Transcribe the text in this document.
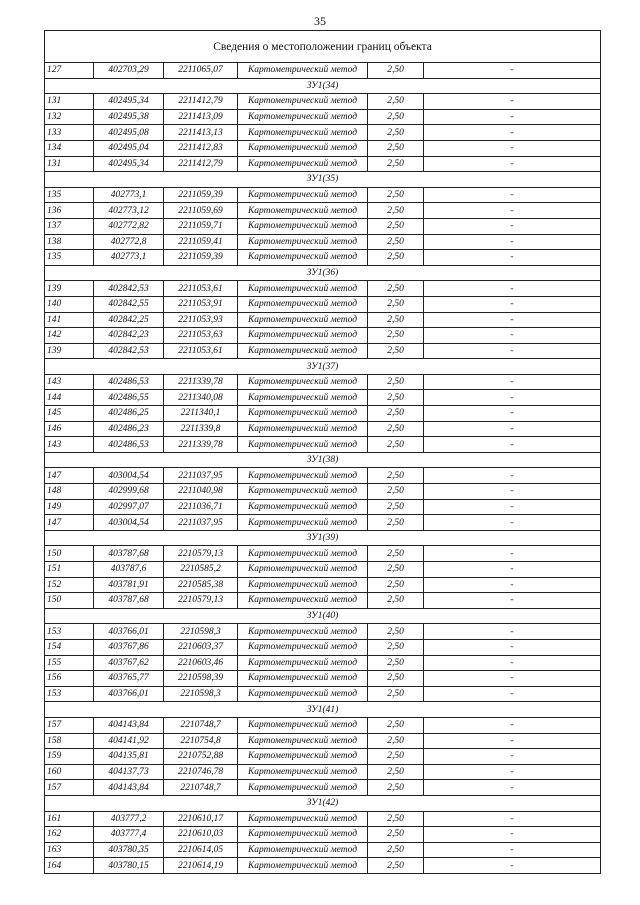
35
Сведения о местоположении границ объекта					
127	402703,29	2211065,07	Картометрический метод	2,50	-
ЗУ1(34)					
131	402495,34	2211412,79	Картометрический метод	2,50	-
132	402495,38	2211413,09	Картометрический метод	2,50	-
133	402495,08	2211413,13	Картометрический метод	2,50	-
134	402495,04	2211412,83	Картометрический метод	2,50	-
131	402495,34	2211412,79	Картометрический метод	2,50	-
ЗУ1(35)					
135	402773,1	2211059,39	Картометрический метод	2,50	-
136	402773,12	2211059,69	Картометрический метод	2,50	-
137	402772,82	2211059,71	Картометрический метод	2,50	-
138	402772,8	2211059,41	Картометрический метод	2,50	-
135	402773,1	2211059,39	Картометрический метод	2,50	-
ЗУ1(36)					
139	402842,53	2211053,61	Картометрический метод	2,50	-
140	402842,55	2211053,91	Картометрический метод	2,50	-
141	402842,25	2211053,93	Картометрический метод	2,50	-
142	402842,23	2211053,63	Картометрический метод	2,50	-
139	402842,53	2211053,61	Картометрический метод	2,50	-
ЗУ1(37)					
143	402486,53	2211339,78	Картометрический метод	2,50	-
144	402486,55	2211340,08	Картометрический метод	2,50	-
145	402486,25	2211340,1	Картометрический метод	2,50	-
146	402486,23	2211339,8	Картометрический метод	2,50	-
143	402486,53	2211339,78	Картометрический метод	2,50	-
ЗУ1(38)					
147	403004,54	2211037,95	Картометрический метод	2,50	-
148	402999,68	2211040,98	Картометрический метод	2,50	-
149	402997,07	2211036,71	Картометрический метод	2,50	-
147	403004,54	2211037,95	Картометрический метод	2,50	-
ЗУ1(39)					
150	403787,68	2210579,13	Картометрический метод	2,50	-
151	403787,6	2210585,2	Картометрический метод	2,50	-
152	403781,91	2210585,38	Картометрический метод	2,50	-
150	403787,68	2210579,13	Картометрический метод	2,50	-
ЗУ1(40)					
153	403766,01	2210598,3	Картометрический метод	2,50	-
154	403767,86	2210603,37	Картометрический метод	2,50	-
155	403767,62	2210603,46	Картометрический метод	2,50	-
156	403765,77	2210598,39	Картометрический метод	2,50	-
153	403766,01	2210598,3	Картометрический метод	2,50	-
ЗУ1(41)					
157	404143,84	2210748,7	Картометрический метод	2,50	-
158	404141,92	2210754,8	Картометрический метод	2,50	-
159	404135,81	2210752,88	Картометрический метод	2,50	-
160	404137,73	2210746,78	Картометрический метод	2,50	-
157	404143,84	2210748,7	Картометрический метод	2,50	-
ЗУ1(42)					
161	403777,2	2210610,17	Картометрический метод	2,50	-
162	403777,4	2210610,03	Картометрический метод	2,50	-
163	403780,35	2210614,05	Картометрический метод	2,50	-
164	403780,15	2210614,19	Картометрический метод	2,50	-
